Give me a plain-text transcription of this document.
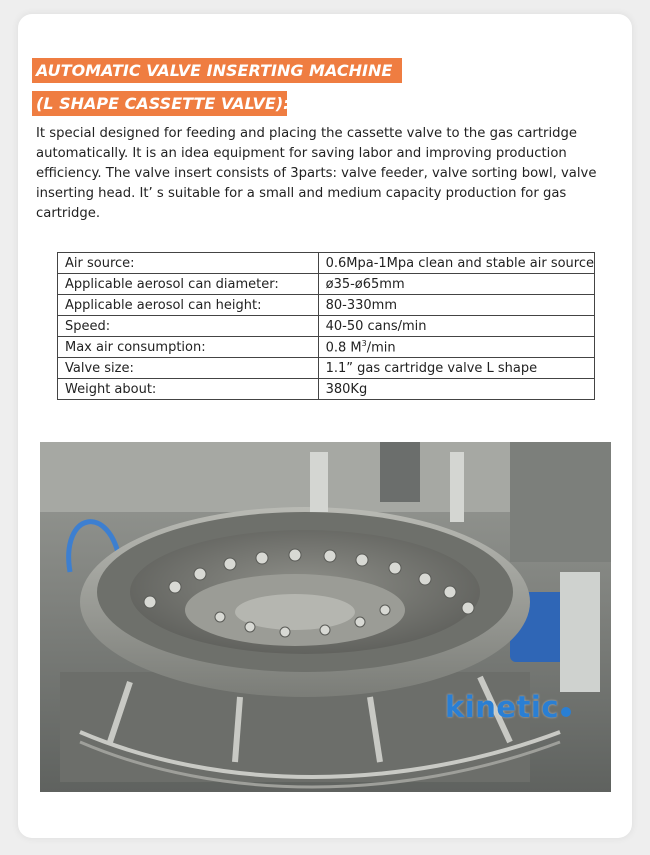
AUTOMATIC VALVE INSERTING MACHINE
(L SHAPE CASSETTE VALVE):

It special designed for feeding and placing the cassette valve to the gas cartridge automatically. It is an idea equipment for saving labor and improving production efficiency. The valve insert consists of 3parts: valve feeder, valve sorting bowl, valve inserting head. It’ s suitable for a small and medium capacity production for gas cartridge.

Air source:	0.6Mpa-1Mpa clean and stable air source
Applicable aerosol can diameter:	ø35-ø65mm
Applicable aerosol can height:	80-330mm
Speed:	40-50 cans/min
Max air consumption:	0.8 $M^3/\min$
Valve size:	1.1” gas cartridge valve L shape
Weight about:	380Kg
kinetic
